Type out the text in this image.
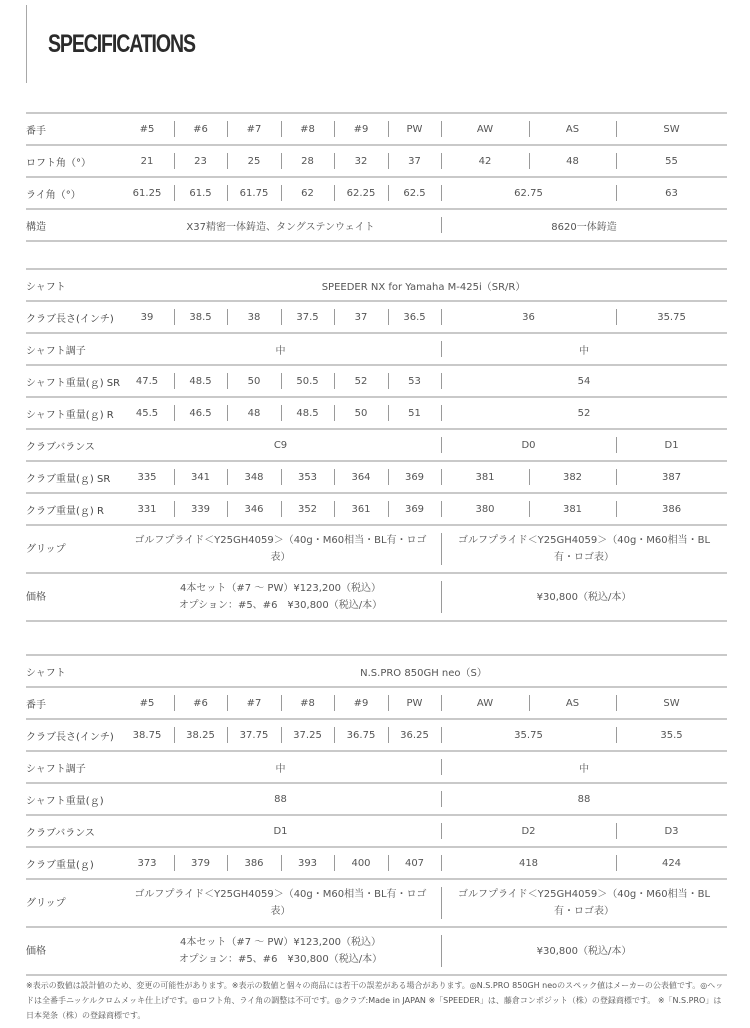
SPECIFICATIONS
番手	#5	#6	#7	#8	#9	PW	AW	AS	SW
ロフト角（°）	21	23	25	28	32	37	42	48	55
ライ角（°）	61.25	61.5	61.75	62	62.25	62.5	62.75		63
構造	X37精密一体鋳造、タングステンウェイト						8620一体鋳造		
シャフト	SPEEDER NX for Yamaha M-425i（SR/R）								
クラブ長さ(インチ)	39	38.5	38	37.5	37	36.5	36		35.75
シャフト調子	中						中		
シャフト重量(ｇ) SR	47.5	48.5	50	50.5	52	53	54		
シャフト重量(ｇ) R	45.5	46.5	48	48.5	50	51	52		
クラブバランス	C9						D0		D1
クラブ重量(ｇ) SR	335	341	348	353	364	369	381	382	387
クラブ重量(ｇ) R	331	339	346	352	361	369	380	381	386
グリップ	ゴルフプライド＜Y25GH4059＞（40g・M60相当・BL有・ロゴ表）						ゴルフプライド＜Y25GH4059＞（40g・M60相当・BL有・ロゴ表）		
価格	4本セット（#7 ～ PW）¥123,200（税込）
オプション：#5、#6　¥30,800（税込/本）						¥30,800（税込/本）		
シャフト	N.S.PRO 850GH neo（S）								
番手	#5	#6	#7	#8	#9	PW	AW	AS	SW
クラブ長さ(インチ)	38.75	38.25	37.75	37.25	36.75	36.25	35.75		35.5
シャフト調子	中						中		
シャフト重量(ｇ)	88						88		
クラブバランス	D1						D2		D3
クラブ重量(ｇ)	373	379	386	393	400	407	418		424
グリップ	ゴルフプライド＜Y25GH4059＞（40g・M60相当・BL有・ロゴ表）						ゴルフプライド＜Y25GH4059＞（40g・M60相当・BL有・ロゴ表）		
価格	4本セット（#7 ～ PW）¥123,200（税込）
オプション：#5、#6　¥30,800（税込/本）						¥30,800（税込/本）		
※表示の数値は設計値のため、変更の可能性があります。※表示の数値と個々の商品には若干の誤差がある場合があります。◎N.S.PRO 850GH neoのスペック値はメーカーの公表値です。◎ヘッドは全番手ニッケルクロムメッキ仕上げです。◎ロフト角、ライ角の調整は不可です。◎クラブ:Made in JAPAN ※「SPEEDER」は、藤倉コンポジット（株）の登録商標です。 ※「N.S.PRO」は日本発条（株）の登録商標です。
